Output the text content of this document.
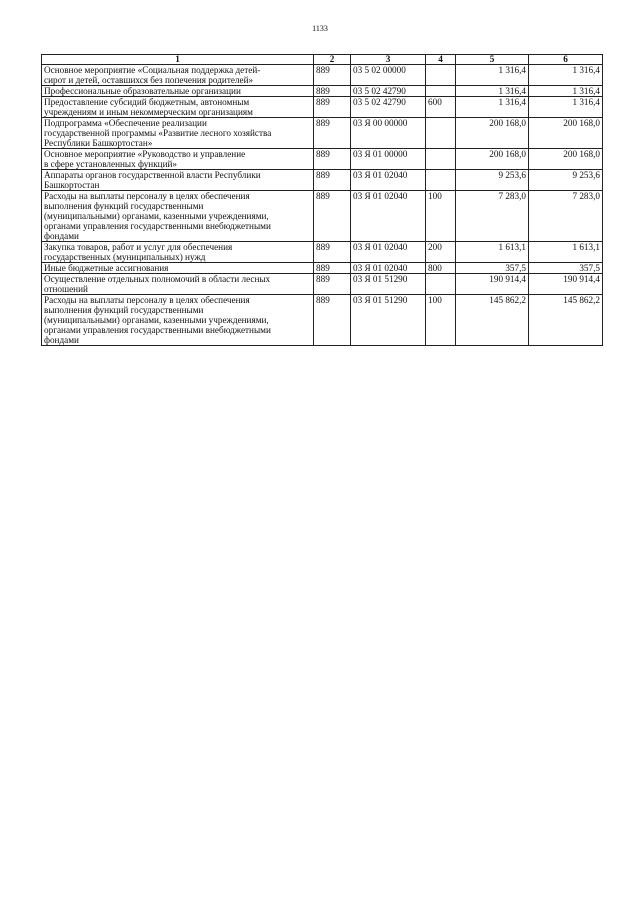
1133
1	2	3	4	5	6
Основное мероприятие «Социальная поддержка детей-
сирот и детей, оставшихся без попечения родителей»	889	03 5 02 00000		1 316,4	1 316,4
Профессиональные образовательные организации	889	03 5 02 42790		1 316,4	1 316,4
Предоставление субсидий бюджетным, автономным
учреждениям и иным некоммерческим организациям	889	03 5 02 42790	600	1 316,4	1 316,4
Подпрограмма «Обеспечение реализации
государственной программы «Развитие лесного хозяйства
Республики Башкортостан»	889	03 Я 00 00000		200 168,0	200 168,0
Основное мероприятие «Руководство и управление
в сфере установленных функций»	889	03 Я 01 00000		200 168,0	200 168,0
Аппараты органов государственной власти Республики
Башкортостан	889	03 Я 01 02040		9 253,6	9 253,6
Расходы на выплаты персоналу в целях обеспечения
выполнения функций государственными
(муниципальными) органами, казенными учреждениями,
органами управления государственными внебюджетными
фондами	889	03 Я 01 02040	100	7 283,0	7 283,0
Закупка товаров, работ и услуг для обеспечения
государственных (муниципальных) нужд	889	03 Я 01 02040	200	1 613,1	1 613,1
Иные бюджетные ассигнования	889	03 Я 01 02040	800	357,5	357,5
Осуществление отдельных полномочий в области лесных
отношений	889	03 Я 01 51290		190 914,4	190 914,4
Расходы на выплаты персоналу в целях обеспечения
выполнения функций государственными
(муниципальными) органами, казенными учреждениями,
органами управления государственными внебюджетными
фондами	889	03 Я 01 51290	100	145 862,2	145 862,2
